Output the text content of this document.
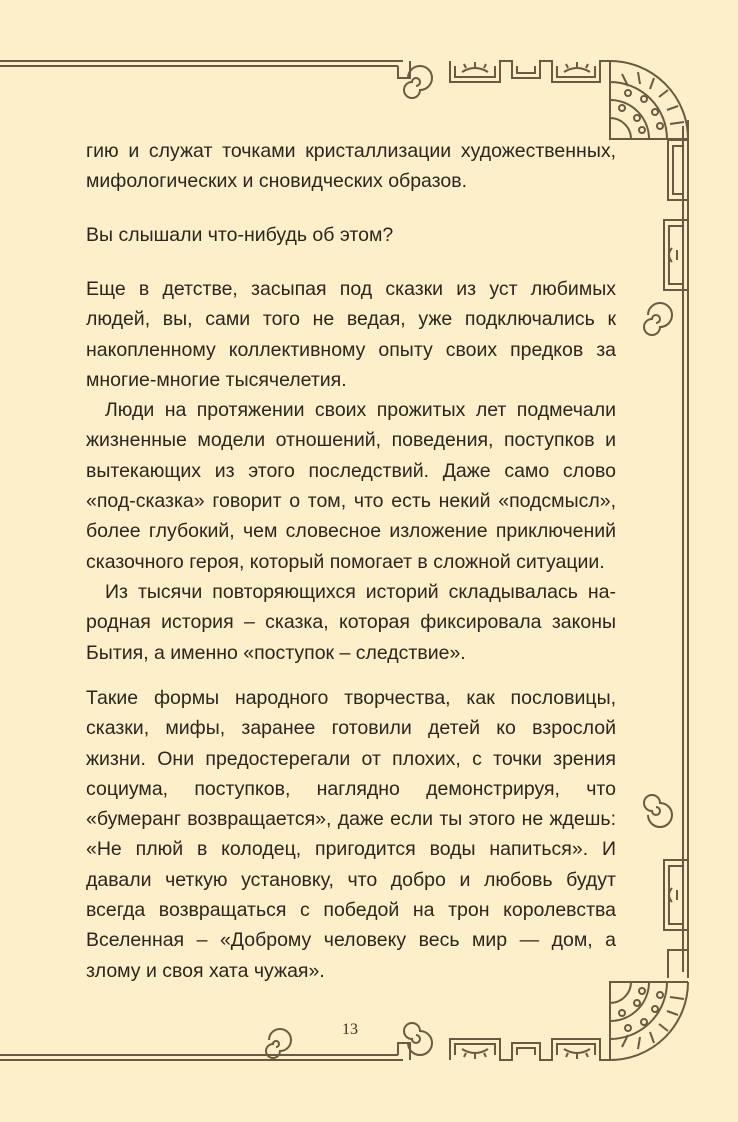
гию и служат точками кристаллизации художественных, мифологических и сновидческих образов.

Вы слышали что-нибудь об этом?

Еще в детстве, засыпая под сказки из уст любимых людей, вы, сами того не ведая, уже подключались к накопленному коллективному опыту своих предков за многие-многие тысячелетия.

Люди на протяжении своих прожитых лет подмечали жизненные модели отношений, поведения, поступков и вытекающих из этого последствий. Даже само слово «под-сказка» говорит о том, что есть некий «подсмысл», более глубокий, чем словесное изложение приключений сказочного героя, который помогает в сложной ситуации.

Из тысячи повторяющихся историй складывалась народная история – сказка, которая фиксировала законы Бытия, а именно «поступок – следствие».

Такие формы народного творчества, как пословицы, сказки, мифы, заранее готовили детей ко взрослой жизни. Они предостерегали от плохих, с точки зрения социума, поступков, наглядно демонстрируя, что «бумеранг возвращается», даже если ты этого не ждешь: «Не плюй в колодец, пригодится воды напиться». И давали четкую установку, что добро и любовь будут всегда возвращаться с победой на трон королевства Вселенная – «Доброму человеку весь мир — дом, а злому и своя хата чужая».

13
